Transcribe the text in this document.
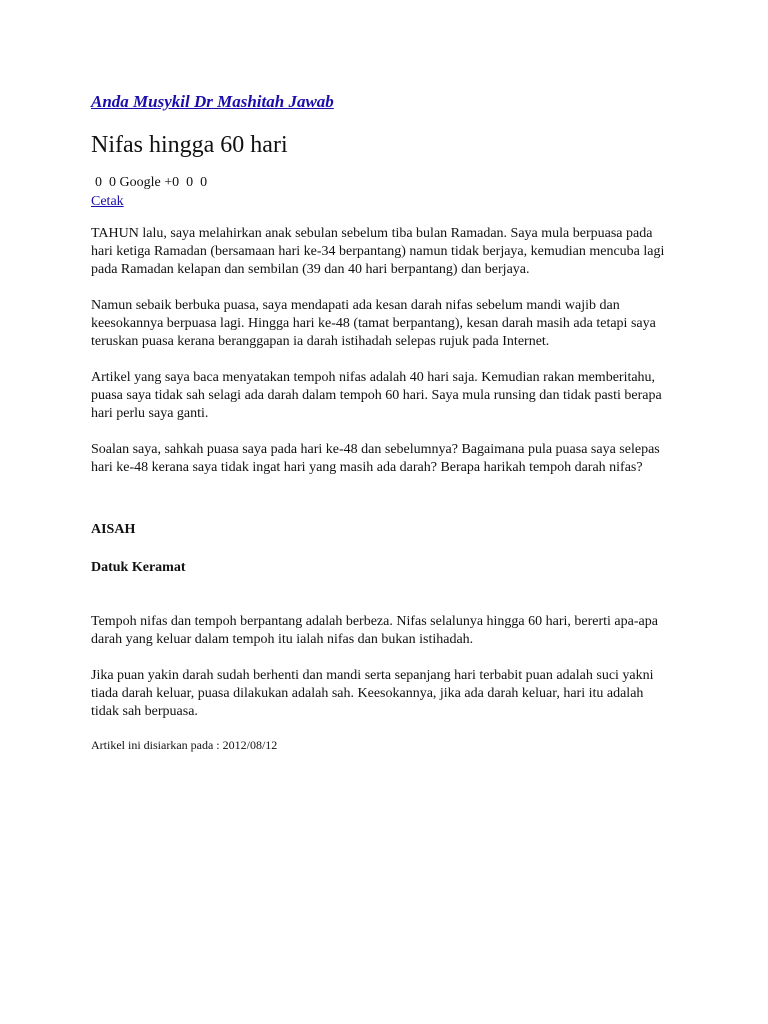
Anda Musykil Dr Mashitah Jawab
Nifas hingga 60 hari
0 0 Google +0 0 0
Cetak

TAHUN lalu, saya melahirkan anak sebulan sebelum tiba bulan Ramadan. Saya mula berpuasa pada hari ketiga Ramadan (bersamaan hari ke-34 berpantang) namun tidak berjaya, kemudian mencuba lagi pada Ramadan kelapan dan sembilan (39 dan 40 hari berpantang) dan berjaya.

Namun sebaik berbuka puasa, saya mendapati ada kesan darah nifas sebelum mandi wajib dan keesokannya berpuasa lagi. Hingga hari ke-48 (tamat berpantang), kesan darah masih ada tetapi saya teruskan puasa kerana beranggapan ia darah istihadah selepas rujuk pada Internet.

Artikel yang saya baca menyatakan tempoh nifas adalah 40 hari saja. Kemudian rakan memberitahu, puasa saya tidak sah selagi ada darah dalam tempoh 60 hari. Saya mula runsing dan tidak pasti berapa hari perlu saya ganti.

Soalan saya, sahkah puasa saya pada hari ke-48 dan sebelumnya? Bagaimana pula puasa saya selepas hari ke-48 kerana saya tidak ingat hari yang masih ada darah? Berapa harikah tempoh darah nifas?

AISAH
Datuk Keramat

Tempoh nifas dan tempoh berpantang adalah berbeza. Nifas selalunya hingga 60 hari, bererti apa-apa darah yang keluar dalam tempoh itu ialah nifas dan bukan istihadah.

Jika puan yakin darah sudah berhenti dan mandi serta sepanjang hari terbabit puan adalah suci yakni tiada darah keluar, puasa dilakukan adalah sah. Keesokannya, jika ada darah keluar, hari itu adalah tidak sah berpuasa.

Artikel ini disiarkan pada : 2012/08/12
